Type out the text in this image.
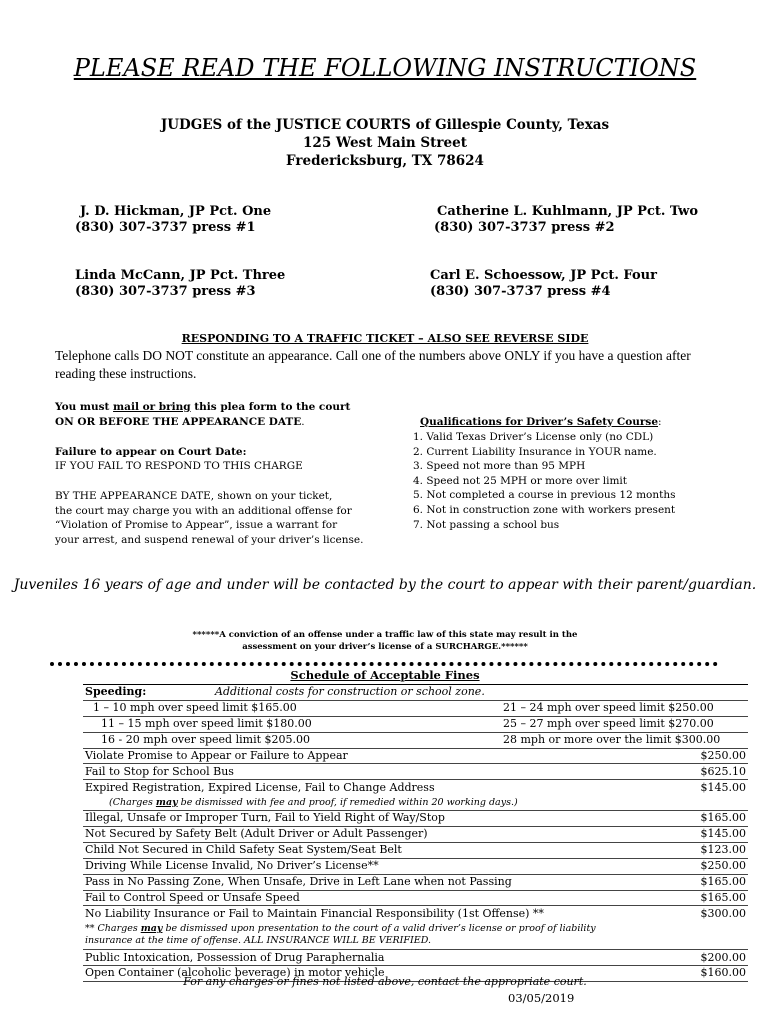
PLEASE READ THE FOLLOWING INSTRUCTIONS
JUDGES of the JUSTICE COURTS of Gillespie County, Texas
125 West Main Street
Fredericksburg, TX 78624
J. D. Hickman, JP Pct. One
(830) 307-3737 press #1
Catherine L. Kuhlmann, JP Pct. Two
(830) 307-3737 press #2
Linda McCann, JP Pct. Three
(830) 307-3737 press #3
Carl E. Schoessow, JP Pct. Four
(830) 307-3737 press #4
RESPONDING TO A TRAFFIC TICKET – ALSO SEE REVERSE SIDE
Telephone calls DO NOT constitute an appearance. Call one of the numbers above ONLY if you have a question after reading these instructions.
You must mail or bring this plea form to the court
ON OR BEFORE THE APPEARANCE DATE.
Failure to appear on Court Date:
IF YOU FAIL TO RESPOND TO THIS CHARGE
BY THE APPEARANCE DATE, shown on your ticket,
the court may charge you with an additional offense for
“Violation of Promise to Appear”, issue a warrant for
your arrest, and suspend renewal of your driver’s license.
Qualifications for Driver’s Safety Course:
1. Valid Texas Driver’s License only (no CDL)
2. Current Liability Insurance in YOUR name.
3. Speed not more than 95 MPH
4. Speed not 25 MPH or more over limit
5. Not completed a course in previous 12 months
6. Not in construction zone with workers present
7. Not passing a school bus
Juveniles 16 years of age and under will be contacted by the court to appear with their parent/guardian.
******A conviction of an offense under a traffic law of this state may result in the assessment on your driver’s license of a SURCHARGE.******
Schedule of Acceptable Fines
Speeding: Additional costs for construction or school zone.	
1 – 10 mph over speed limit $165.00 21 – 24 mph over speed limit $250.00	
11 – 15 mph over speed limit $180.00 25 – 27 mph over speed limit $270.00	
16 - 20 mph over speed limit $205.00 28 mph or more over the limit $300.00	
Violate Promise to Appear or Failure to Appear	$250.00
Fail to Stop for School Bus	$625.10
Expired Registration, Expired License, Fail to Change Address	$145.00
(Charges may be dismissed with fee and proof, if remedied within 20 working days.)	
Illegal, Unsafe or Improper Turn, Fail to Yield Right of Way/Stop	$165.00
Not Secured by Safety Belt (Adult Driver or Adult Passenger)	$145.00
Child Not Secured in Child Safety Seat System/Seat Belt	$123.00
Driving While License Invalid, No Driver’s License**	$250.00
Pass in No Passing Zone, When Unsafe, Drive in Left Lane when not Passing	$165.00
Fail to Control Speed or Unsafe Speed	$165.00
No Liability Insurance or Fail to Maintain Financial Responsibility (1st Offense) **	$300.00
** Charges may be dismissed upon presentation to the court of a valid driver’s license or proof of liability insurance at the time of offense. ALL INSURANCE WILL BE VERIFIED.	
Public Intoxication, Possession of Drug Paraphernalia	$200.00
Open Container (alcoholic beverage) in motor vehicle	$160.00
For any charges or fines not listed above, contact the appropriate court.
03/05/2019
